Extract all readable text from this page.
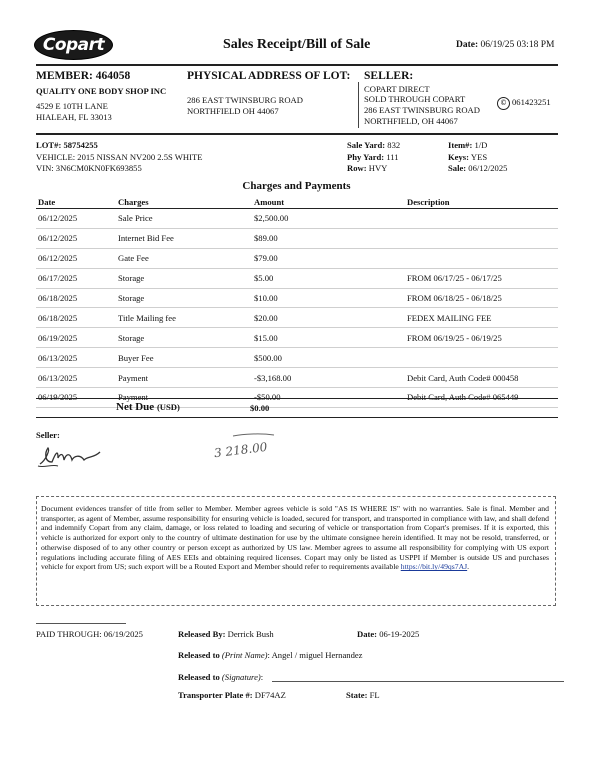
Copart	Sales Receipt/Bill of Sale	Date: 06/19/25 03:18 PM
MEMBER: 464058
QUALITY ONE BODY SHOP INC
4529 E 10TH LANE
HIALEAH, FL 33013
PHYSICAL ADDRESS OF LOT:
286 EAST TWINSBURG ROAD
NORTHFIELD OH 44067
SELLER:
COPART DIRECT
SOLD THROUGH COPART
286 EAST TWINSBURG ROAD
NORTHFIELD, OH 44067
© 061423251
LOT#: 58754255
VEHICLE: 2015 NISSAN NV200 2.5S WHITE
VIN: 3N6CM0KN0FK693855
Sale Yard: 832
Phy Yard: 111
Row: HVY
Item#: 1/D
Keys: YES
Sale: 06/12/2025
Charges and Payments
Date	Charges	Amount	Description
06/12/2025	Sale Price	$2,500.00	
06/12/2025	Internet Bid Fee	$89.00	
06/12/2025	Gate Fee	$79.00	
06/17/2025	Storage	$5.00	FROM 06/17/25 - 06/17/25
06/18/2025	Storage	$10.00	FROM 06/18/25 - 06/18/25
06/18/2025	Title Mailing fee	$20.00	FEDEX MAILING FEE
06/19/2025	Storage	$15.00	FROM 06/19/25 - 06/19/25
06/13/2025	Buyer Fee	$500.00	
06/13/2025	Payment	-$3,168.00	Debit Card, Auth Code# 000458
06/19/2025	Payment	-$50.00	Debit Card, Auth Code# 065449
Net Due (USD)	$0.00
Seller:
3 218.00
Document evidences transfer of title from seller to Member. Member agrees vehicle is sold "AS IS WHERE IS" with no warranties. Sale is final. Member and transporter, as agent of Member, assume responsibility for ensuring vehicle is loaded, secured for transport, and transported in compliance with law, and shall defend and indemnify Copart from any claim, damage, or loss related to loading and securing of vehicle or transportation from Copart's premises. If it is exported, this vehicle is authorized for export only to the country of ultimate destination for use by the ultimate consignee herein identified. It may not be resold, transferred, or otherwise disposed of to any other country or person except as authorized by US law. Member agrees to assume all responsibility for complying with US export regulations including accurate filing of AES EEIs and obtaining required licenses. Copart may only be listed as USPPI if Member is outside US and purchases vehicle for export from US; such export will be a Routed Export and Member should refer to requirements available https://bit.ly/49qs7AJ.
PAID THROUGH: 06/19/2025	Released By: Derrick Bush	Date: 06-19-2025
Released to (Print Name): Angel / miguel Hernandez
Released to (Signature):
Transporter Plate #: DF74AZ	State: FL
